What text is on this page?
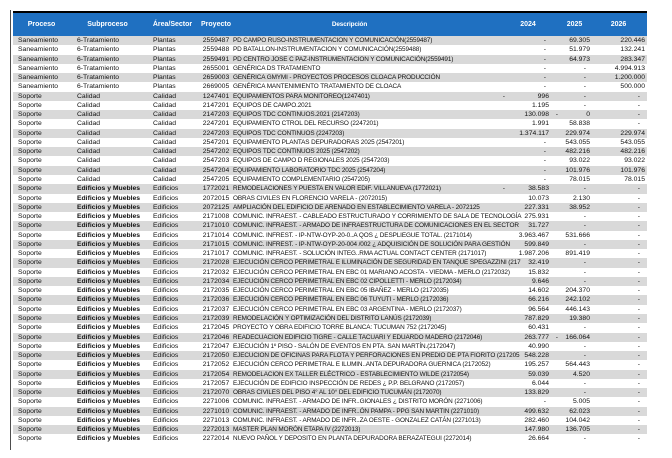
Proceso	Subproceso	Área/Sector	Proyecto	Descripción	2024	2025	2026
Saneamiento	6-Tratamiento	Plantas	2559487 PD CAMPO RUSO-INSTRUMENTACION Y COMUNICACIÓN(2559487)	-	69.305	220.446
Saneamiento	6-Tratamiento	Plantas	2559488 PD BATALLON-INSTRUMENTACION Y COMUNICACIÓN(2559488)	-	51.979	132.241
Saneamiento	6-Tratamiento	Plantas	2559491 PD CENTRO JOSE C PAZ-INSTRUMENTACION Y COMUNICACIÓN(2559491)	-	64.973	283.347
Saneamiento	6-Tratamiento	Plantas	2655001 GENÉRICA DS TRATAMIENTO	-	-	4.994.913
Saneamiento	6-Tratamiento	Plantas	2659003 GENÉRICA GMYMI - PROYECTOS PROCESOS CLOACA PRODUCCIÓN	-	-	1.200.000
Saneamiento	6-Tratamiento	Plantas	2669005 GENÉRICA MANTENIMIENTO TRATAMIENTO DE CLOACA	-	-	500.000
Soporte	Calidad	Calidad	1247401 EQUIPAMIENTOS PARA MONITOREO(1247401)	-	996	-	-
Soporte	Calidad	Calidad	2147201 EQUIPOS DE CAMPO.2021	1.195	-	-
Soporte	Calidad	Calidad	2147203 EQUIPOS TDC CONTINUOS.2021 (2147203)	130.098 -	0	-
Soporte	Calidad	Calidad	2247201 EQUIPAMIENTO CTROL DEL RECURSO (2247201)	1.991	58.838	-
Soporte	Calidad	Calidad	2247203 EQUIPOS TDC CONTINUOS (2247203)	1.374.117	229.974	229.974
Soporte	Calidad	Calidad	2547201 EQUIPAMIENTO PLANTAS DEPURADORAS 2025 (2547201)	-	543.055	543.055
Soporte	Calidad	Calidad	2547202 EQUIPOS TDC CONTINUOS 2025 (2547202)	-	482.216	482.216
Soporte	Calidad	Calidad	2547203 EQUIPOS DE CAMPO D REGIONALES 2025 (2547203)	-	93.022	93.022
Soporte	Calidad	Calidad	2547204 EQUIPAMIENTO LABORATORIO TDC 2025 (2547204)	-	101.976	101.976
Soporte	Calidad	Calidad	2547205 EQUIPAMIENTO COMPLEMENTARIO (2547205)	-	78.015	78.015
Soporte	Edificios y Muebles	Edificios	1772021 REMODELACIONES Y PUESTA EN VALOR EDIF. VILLANUEVA (1772021)	-	38.583	-	-
Soporte	Edificios y Muebles	Edificios	2072015 OBRAS CIVILES EN FLORENCIO VARELA - (2072015)	10.073	2.130	-
Soporte	Edificios y Muebles	Edificios	2072125 AMPLIACIÓN DEL EDIFICIO DE ARENADO EN ESTABLECIMIENTO VARELA - 2072125	227.331	38.952	-
Soporte	Edificios y Muebles	Edificios	2171008 COMUNIC. INFRAEST. - CABLEADO ESTRUCTURADO Y CORRIMIENTO DE SALA DE TECNOLOGÍA 275.931	-	-
Soporte	Edificios y Muebles	Edificios	2171010 COMUNIC. INFRAEST. - ARMADO DE INFRAESTRUCTURA DE COMUNICACIONES EN EL SECTOR	31.727	-	-
Soporte	Edificios y Muebles	Edificios	2171014 COMUNIC. INFREST. - IP-NTW-OYP-20-0..A QOS ¿ DESPLIEGUE TOTAL. (2171014)	3.963.467	531.666	-
Soporte	Edificios y Muebles	Edificios	2171015 COMUNIC. INFREST. - IP-NTW-OYP-20-004 /002 ¿ ADQUISICIÓN DE SOLUCIÓN PARA GESTIÓN	599.849	-	-
Soporte	Edificios y Muebles	Edificios	2171017 COMUNIC. INFRAEST. - SOLUCIÓN INTEG..RMA ACTUAL CONTACT CENTER (2171017)	1.987.206	891.419	-
Soporte	Edificios y Muebles	Edificios	2172028 EJECUCIÓN CERCO PERIMETRAL E ILUMINACIÓN DE SEGURIDAD EN TANQUE SPEGAZZINI (217	32.419	-	-
Soporte	Edificios y Muebles	Edificios	2172032 EJECUCIÓN CERCO PERIMETRAL EN EBC 01 MARIANO ACOSTA - VIEDMA - MERLO (2172032)	15.832	-	-
Soporte	Edificios y Muebles	Edificios	2172034 EJECUCIÓN CERCO PERIMETRAL EN EBC 02 CIPOLLETTI - MERLO (2172034)	9.646	-	-
Soporte	Edificios y Muebles	Edificios	2172035 EJECUCIÓN CERCO PERIMETRAL EN EBC 05 IBAÑEZ - MERLO (2172035)	14.602	204.370	-
Soporte	Edificios y Muebles	Edificios	2172036 EJECUCIÓN CERCO PERIMETRAL EN EBC 06 TUYUTI - MERLO (2172036)	66.216	242.102	-
Soporte	Edificios y Muebles	Edificios	2172037 EJECUCIÓN CERCO PERIMETRAL EN EBC 03 ARGENTINA - MERLO (2172037)	96.564	446.143	-
Soporte	Edificios y Muebles	Edificios	2172039 REMODELACIÓN Y OPTIMIZACIÓN DEL DISTRITO LANÚS (2172039)	787.829	19.380	-
Soporte	Edificios y Muebles	Edificios	2172045 PROYECTO Y OBRA EDIFICIO TORRE BLANCA: TUCUMAN 752 (2172045)	60.431	-	-
Soporte	Edificios y Muebles	Edificios	2172046 READECUACION EDIFICIO TIGRE - CALLE TACUARI Y EDUARDO MADERO (2172046)	263.777 -	166.064	-
Soporte	Edificios y Muebles	Edificios	2172047 EJECUCIÓN 1º PISO - SALÓN DE EVENTOS EN PTA. SAN MARTÍN.(2172047)	40.990	-	-
Soporte	Edificios y Muebles	Edificios	2172050 EJECUCION DE OFICINAS PARA FLOTA Y PERFORACIONES EN PREDIO DE PTA FIORITO (217205 548.228	-	-
Soporte	Edificios y Muebles	Edificios	2172052 EJECUCIÓN CERCO PERIMETRAL E ILUMIN..ANTA DEPURADORA GUERNICA (2172052)	195.257	564.443	-
Soporte	Edificios y Muebles	Edificios	2172054 REMODELACION EX TALLER ELÉCTRICO - ESTABLECIMIENTO WILDE (2172054)	59.039	4.520	-
Soporte	Edificios y Muebles	Edificios	2172057 EJECUCIÓN DE EDIFICIO INSPECCIÓN DE REDES ¿ P.P. BELGRANO (2172057)	6.044	-	-
Soporte	Edificios y Muebles	Edificios	2172070 OBRAS CIVILES DEL PISO 4° AL 10° DEL EDIFICIO TUCUMÁN (2172070)	133.829	-	-
Soporte	Edificios y Muebles	Edificios	2271006 COMUNIC. INFRAEST. - ARMADO DE INFR..GIONALES ¿ DISTRITO MORÓN (2271006)	-	5.005	-
Soporte	Edificios y Muebles	Edificios	2271010 COMUNIC. INFRAEST. - ARMADO DE INFR..ÓN PAMPA - PPG SAN MARTIN (2271010)	499.632	62.023	-
Soporte	Edificios y Muebles	Edificios	2271013 COMUNIC. INFRAEST. - ARMADO DE INFR..ZA OESTE - GONZALEZ CATÁN (2271013)	282.460	104.042	-
Soporte	Edificios y Muebles	Edificios	2272013 MASTER PLAN MORÓN ETAPA IV (2272013)	147.980	136.705	-
Soporte	Edificios y Muebles	Edificios	2272014 NUEVO PAÑOL Y DEPOSITO EN PLANTA DEPURADORA BERAZATEGUI (2272014)	26.664	-	-
